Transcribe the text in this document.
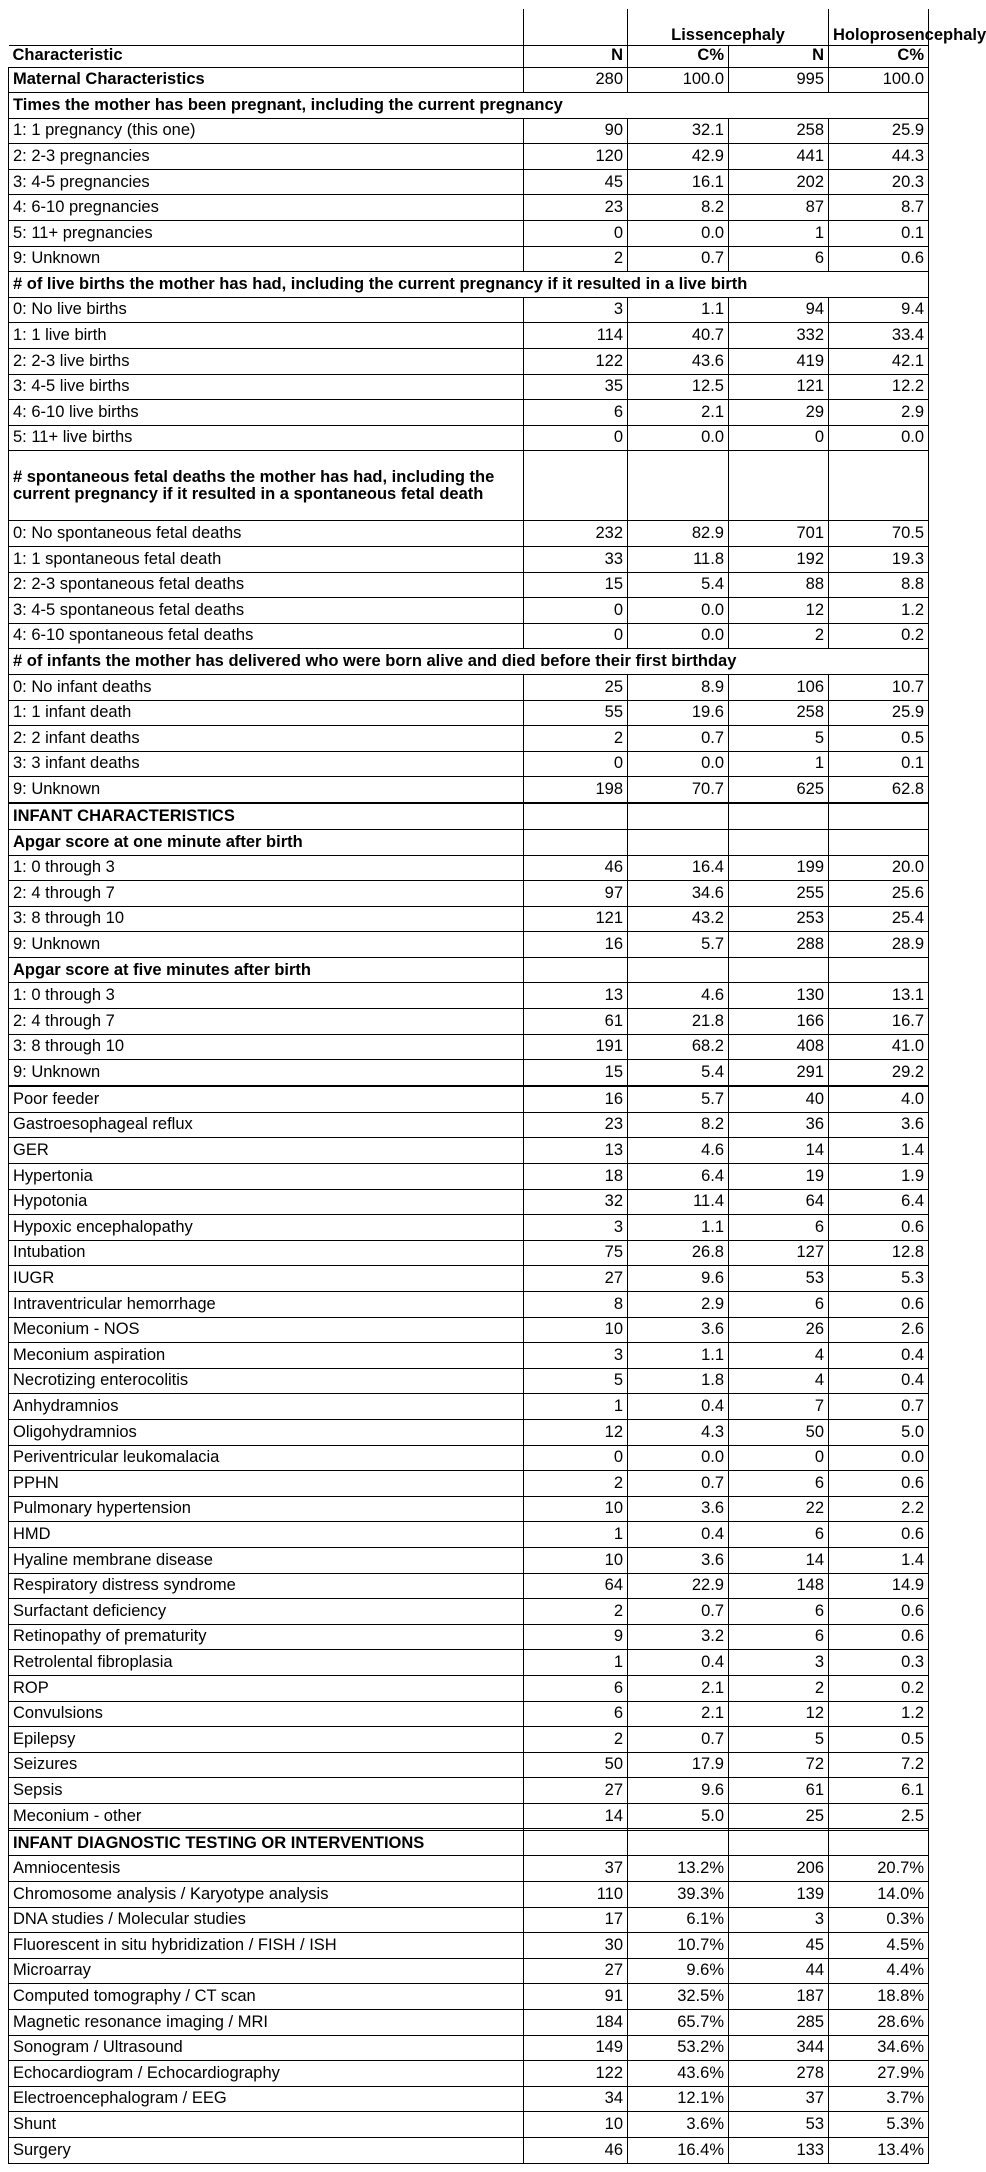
		Lissencephaly		Holoprosencephaly
Characteristic	N	C%	N	C%
Maternal Characteristics	280	100.0	995	100.0
Times the mother has been pregnant, including the current pregnancy				
1: 1 pregnancy (this one)	90	32.1	258	25.9
2: 2-3 pregnancies	120	42.9	441	44.3
3: 4-5 pregnancies	45	16.1	202	20.3
4: 6-10 pregnancies	23	8.2	87	8.7
5: 11+ pregnancies	0	0.0	1	0.1
9: Unknown	2	0.7	6	0.6
# of live births the mother has had, including the current pregnancy if it resulted in a live birth				
0: No live births	3	1.1	94	9.4
1: 1 live birth	114	40.7	332	33.4
2: 2-3 live births	122	43.6	419	42.1
3: 4-5 live births	35	12.5	121	12.2
4: 6-10 live births	6	2.1	29	2.9
5: 11+ live births	0	0.0	0	0.0
# spontaneous fetal deaths the mother has had, including the current pregnancy if it resulted in a spontaneous fetal death				
0: No spontaneous fetal deaths	232	82.9	701	70.5
1: 1 spontaneous fetal death	33	11.8	192	19.3
2: 2-3 spontaneous fetal deaths	15	5.4	88	8.8
3: 4-5 spontaneous fetal deaths	0	0.0	12	1.2
4: 6-10 spontaneous fetal deaths	0	0.0	2	0.2
# of infants the mother has delivered who were born alive and died before their first birthday				
0: No infant deaths	25	8.9	106	10.7
1: 1 infant death	55	19.6	258	25.9
2: 2 infant deaths	2	0.7	5	0.5
3: 3 infant deaths	0	0.0	1	0.1
9: Unknown	198	70.7	625	62.8

INFANT CHARACTERISTICS				
Apgar score at one minute after birth				
1: 0 through 3	46	16.4	199	20.0
2: 4 through 7	97	34.6	255	25.6
3: 8 through 10	121	43.2	253	25.4
9: Unknown	16	5.7	288	28.9
Apgar score at five minutes after birth				
1: 0 through 3	13	4.6	130	13.1
2: 4 through 7	61	21.8	166	16.7
3: 8 through 10	191	68.2	408	41.0
9: Unknown	15	5.4	291	29.2

Poor feeder	16	5.7	40	4.0
Gastroesophageal reflux	23	8.2	36	3.6
GER	13	4.6	14	1.4
Hypertonia	18	6.4	19	1.9
Hypotonia	32	11.4	64	6.4
Hypoxic encephalopathy	3	1.1	6	0.6
Intubation	75	26.8	127	12.8
IUGR	27	9.6	53	5.3
Intraventricular hemorrhage	8	2.9	6	0.6
Meconium - NOS	10	3.6	26	2.6
Meconium aspiration	3	1.1	4	0.4
Necrotizing enterocolitis	5	1.8	4	0.4
Anhydramnios	1	0.4	7	0.7
Oligohydramnios	12	4.3	50	5.0
Periventricular leukomalacia	0	0.0	0	0.0
PPHN	2	0.7	6	0.6
Pulmonary hypertension	10	3.6	22	2.2
HMD	1	0.4	6	0.6
Hyaline membrane disease	10	3.6	14	1.4
Respiratory distress syndrome	64	22.9	148	14.9
Surfactant deficiency	2	0.7	6	0.6
Retinopathy of prematurity	9	3.2	6	0.6
Retrolental fibroplasia	1	0.4	3	0.3
ROP	6	2.1	2	0.2
Convulsions	6	2.1	12	1.2
Epilepsy	2	0.7	5	0.5
Seizures	50	17.9	72	7.2
Sepsis	27	9.6	61	6.1
Meconium - other	14	5.0	25	2.5

INFANT DIAGNOSTIC TESTING OR INTERVENTIONS				
Amniocentesis	37	13.2%	206	20.7%
Chromosome analysis / Karyotype analysis	110	39.3%	139	14.0%
DNA studies / Molecular studies	17	6.1%	3	0.3%
Fluorescent in situ hybridization / FISH / ISH	30	10.7%	45	4.5%
Microarray	27	9.6%	44	4.4%
Computed tomography / CT scan	91	32.5%	187	18.8%
Magnetic resonance imaging / MRI	184	65.7%	285	28.6%
Sonogram / Ultrasound	149	53.2%	344	34.6%
Echocardiogram / Echocardiography	122	43.6%	278	27.9%
Electroencephalogram / EEG	34	12.1%	37	3.7%
Shunt	10	3.6%	53	5.3%
Surgery	46	16.4%	133	13.4%
